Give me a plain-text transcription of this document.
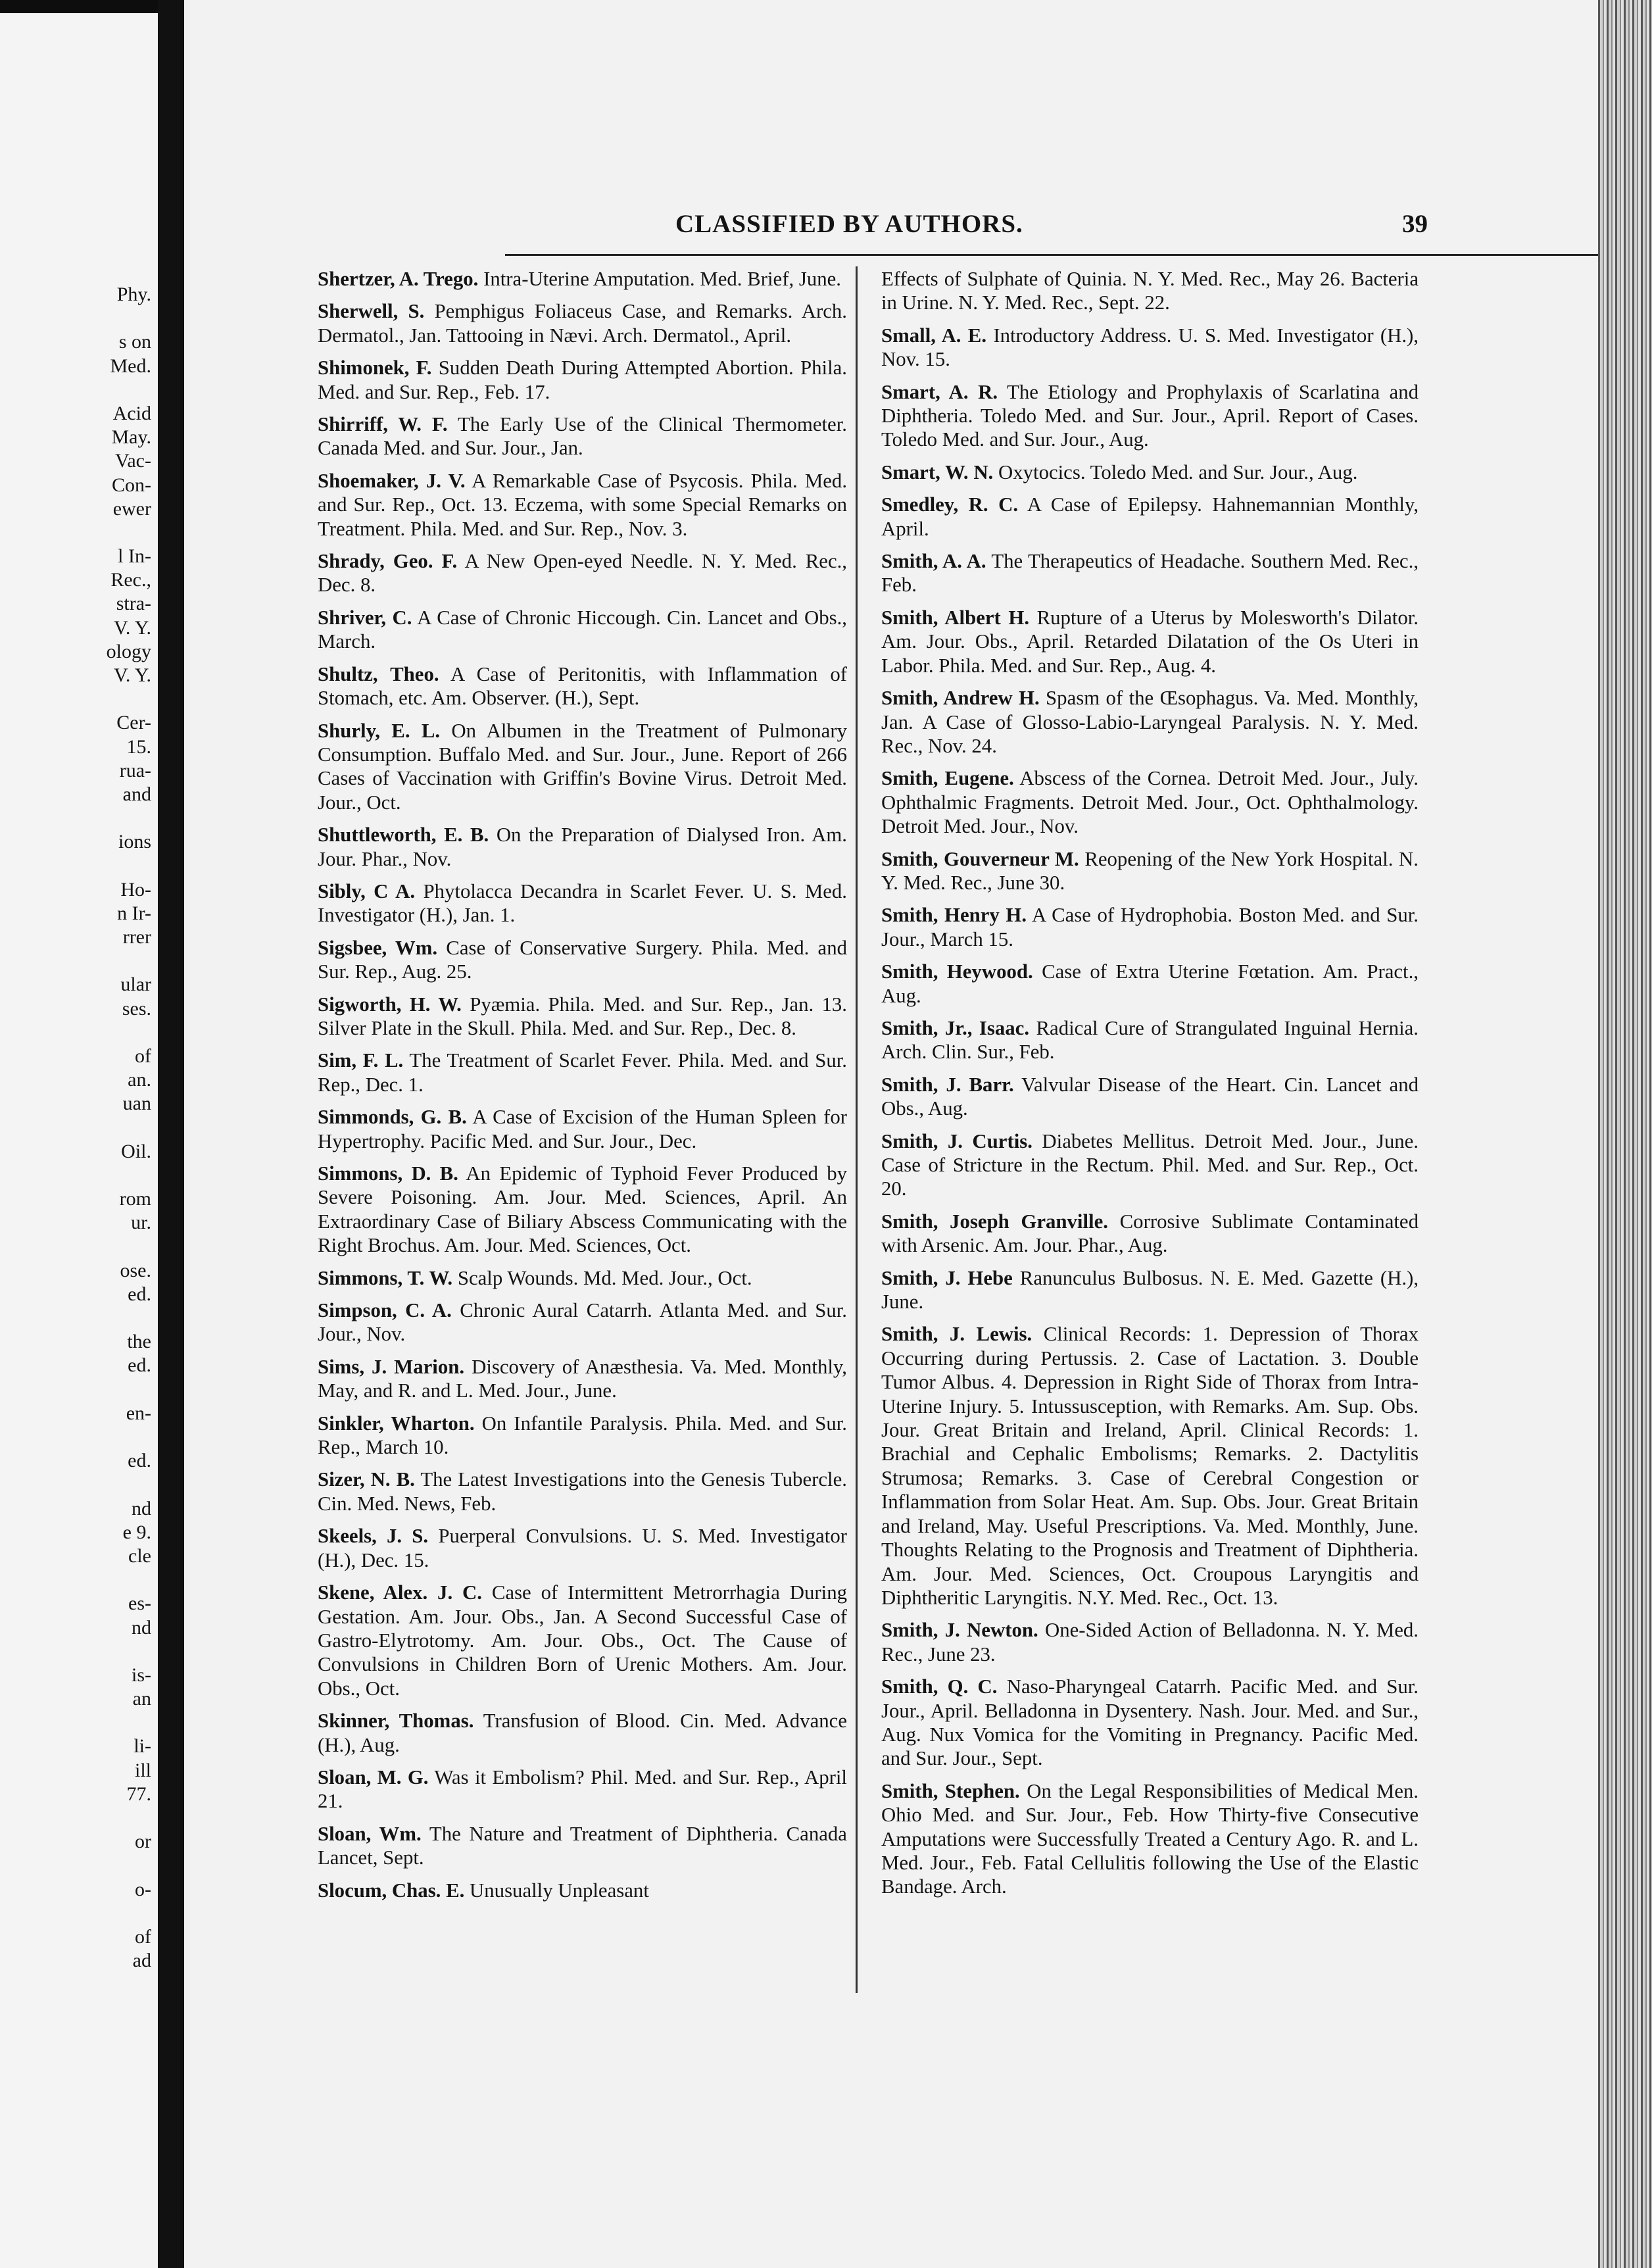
Phy.
s on
Med.
Acid
May.
Vac-
Con-
ewer
l In-
Rec.,
stra-
V. Y.
ology
V. Y.
Cer-
15.
rua-
and
ions
Ho-
n Ir-
rrer
ular
ses.
of
an.
uan
Oil.
rom
ur.
ose.
ed.
the
ed.
en-
ed.
nd
e 9.
cle
es-
nd
is-
an
li-
ill
77.
or
o-
of
ad
CLASSIFIED BY AUTHORS.	39
Shertzer, A. Trego. Intra-Uterine Amputation. Med. Brief, June.
Sherwell, S. Pemphigus Foliaceus Case, and Remarks. Arch. Dermatol., Jan. Tattooing in Nævi. Arch. Dermatol., April.
Shimonek, F. Sudden Death During Attempted Abortion. Phila. Med. and Sur. Rep., Feb. 17.
Shirriff, W. F. The Early Use of the Clinical Thermometer. Canada Med. and Sur. Jour., Jan.
Shoemaker, J. V. A Remarkable Case of Psycosis. Phila. Med. and Sur. Rep., Oct. 13. Eczema, with some Special Remarks on Treatment. Phila. Med. and Sur. Rep., Nov. 3.
Shrady, Geo. F. A New Open-eyed Needle. N. Y. Med. Rec., Dec. 8.
Shriver, C. A Case of Chronic Hiccough. Cin. Lancet and Obs., March.
Shultz, Theo. A Case of Peritonitis, with Inflammation of Stomach, etc. Am. Observer. (H.), Sept.
Shurly, E. L. On Albumen in the Treatment of Pulmonary Consumption. Buffalo Med. and Sur. Jour., June. Report of 266 Cases of Vaccination with Griffin's Bovine Virus. Detroit Med. Jour., Oct.
Shuttleworth, E. B. On the Preparation of Dialysed Iron. Am. Jour. Phar., Nov.
Sibly, C A. Phytolacca Decandra in Scarlet Fever. U. S. Med. Investigator (H.), Jan. 1.
Sigsbee, Wm. Case of Conservative Surgery. Phila. Med. and Sur. Rep., Aug. 25.
Sigworth, H. W. Pyæmia. Phila. Med. and Sur. Rep., Jan. 13. Silver Plate in the Skull. Phila. Med. and Sur. Rep., Dec. 8.
Sim, F. L. The Treatment of Scarlet Fever. Phila. Med. and Sur. Rep., Dec. 1.
Simmonds, G. B. A Case of Excision of the Human Spleen for Hypertrophy. Pacific Med. and Sur. Jour., Dec.
Simmons, D. B. An Epidemic of Typhoid Fever Produced by Severe Poisoning. Am. Jour. Med. Sciences, April. An Extraordinary Case of Biliary Abscess Communicating with the Right Brochus. Am. Jour. Med. Sciences, Oct.
Simmons, T. W. Scalp Wounds. Md. Med. Jour., Oct.
Simpson, C. A. Chronic Aural Catarrh. Atlanta Med. and Sur. Jour., Nov.
Sims, J. Marion. Discovery of Anæsthesia. Va. Med. Monthly, May, and R. and L. Med. Jour., June.
Sinkler, Wharton. On Infantile Paralysis. Phila. Med. and Sur. Rep., March 10.
Sizer, N. B. The Latest Investigations into the Genesis Tubercle. Cin. Med. News, Feb.
Skeels, J. S. Puerperal Convulsions. U. S. Med. Investigator (H.), Dec. 15.
Skene, Alex. J. C. Case of Intermittent Metrorrhagia During Gestation. Am. Jour. Obs., Jan. A Second Successful Case of Gastro-Elytrotomy. Am. Jour. Obs., Oct. The Cause of Convulsions in Children Born of Urenic Mothers. Am. Jour. Obs., Oct.
Skinner, Thomas. Transfusion of Blood. Cin. Med. Advance (H.), Aug.
Sloan, M. G. Was it Embolism? Phil. Med. and Sur. Rep., April 21.
Sloan, Wm. The Nature and Treatment of Diphtheria. Canada Lancet, Sept.
Slocum, Chas. E. Unusually Unpleasant
Effects of Sulphate of Quinia. N. Y. Med. Rec., May 26. Bacteria in Urine. N. Y. Med. Rec., Sept. 22.
Small, A. E. Introductory Address. U. S. Med. Investigator (H.), Nov. 15.
Smart, A. R. The Etiology and Prophylaxis of Scarlatina and Diphtheria. Toledo Med. and Sur. Jour., April. Report of Cases. Toledo Med. and Sur. Jour., Aug.
Smart, W. N. Oxytocics. Toledo Med. and Sur. Jour., Aug.
Smedley, R. C. A Case of Epilepsy. Hahnemannian Monthly, April.
Smith, A. A. The Therapeutics of Headache. Southern Med. Rec., Feb.
Smith, Albert H. Rupture of a Uterus by Molesworth's Dilator. Am. Jour. Obs., April. Retarded Dilatation of the Os Uteri in Labor. Phila. Med. and Sur. Rep., Aug. 4.
Smith, Andrew H. Spasm of the Œsophagus. Va. Med. Monthly, Jan. A Case of Glosso-Labio-Laryngeal Paralysis. N. Y. Med. Rec., Nov. 24.
Smith, Eugene. Abscess of the Cornea. Detroit Med. Jour., July. Ophthalmic Fragments. Detroit Med. Jour., Oct. Ophthalmology. Detroit Med. Jour., Nov.
Smith, Gouverneur M. Reopening of the New York Hospital. N. Y. Med. Rec., June 30.
Smith, Henry H. A Case of Hydrophobia. Boston Med. and Sur. Jour., March 15.
Smith, Heywood. Case of Extra Uterine Fœtation. Am. Pract., Aug.
Smith, Jr., Isaac. Radical Cure of Strangulated Inguinal Hernia. Arch. Clin. Sur., Feb.
Smith, J. Barr. Valvular Disease of the Heart. Cin. Lancet and Obs., Aug.
Smith, J. Curtis. Diabetes Mellitus. Detroit Med. Jour., June. Case of Stricture in the Rectum. Phil. Med. and Sur. Rep., Oct. 20.
Smith, Joseph Granville. Corrosive Sublimate Contaminated with Arsenic. Am. Jour. Phar., Aug.
Smith, J. Hebe Ranunculus Bulbosus. N. E. Med. Gazette (H.), June.
Smith, J. Lewis. Clinical Records: 1. Depression of Thorax Occurring during Pertussis. 2. Case of Lactation. 3. Double Tumor Albus. 4. Depression in Right Side of Thorax from Intra-Uterine Injury. 5. Intussusception, with Remarks. Am. Sup. Obs. Jour. Great Britain and Ireland, April. Clinical Records: 1. Brachial and Cephalic Embolisms; Remarks. 2. Dactylitis Strumosa; Remarks. 3. Case of Cerebral Congestion or Inflammation from Solar Heat. Am. Sup. Obs. Jour. Great Britain and Ireland, May. Useful Prescriptions. Va. Med. Monthly, June. Thoughts Relating to the Prognosis and Treatment of Diphtheria. Am. Jour. Med. Sciences, Oct. Croupous Laryngitis and Diphtheritic Laryngitis. N.Y. Med. Rec., Oct. 13.
Smith, J. Newton. One-Sided Action of Belladonna. N. Y. Med. Rec., June 23.
Smith, Q. C. Naso-Pharyngeal Catarrh. Pacific Med. and Sur. Jour., April. Belladonna in Dysentery. Nash. Jour. Med. and Sur., Aug. Nux Vomica for the Vomiting in Pregnancy. Pacific Med. and Sur. Jour., Sept.
Smith, Stephen. On the Legal Responsibilities of Medical Men. Ohio Med. and Sur. Jour., Feb. How Thirty-five Consecutive Amputations were Successfully Treated a Century Ago. R. and L. Med. Jour., Feb. Fatal Cellulitis following the Use of the Elastic Bandage. Arch.
